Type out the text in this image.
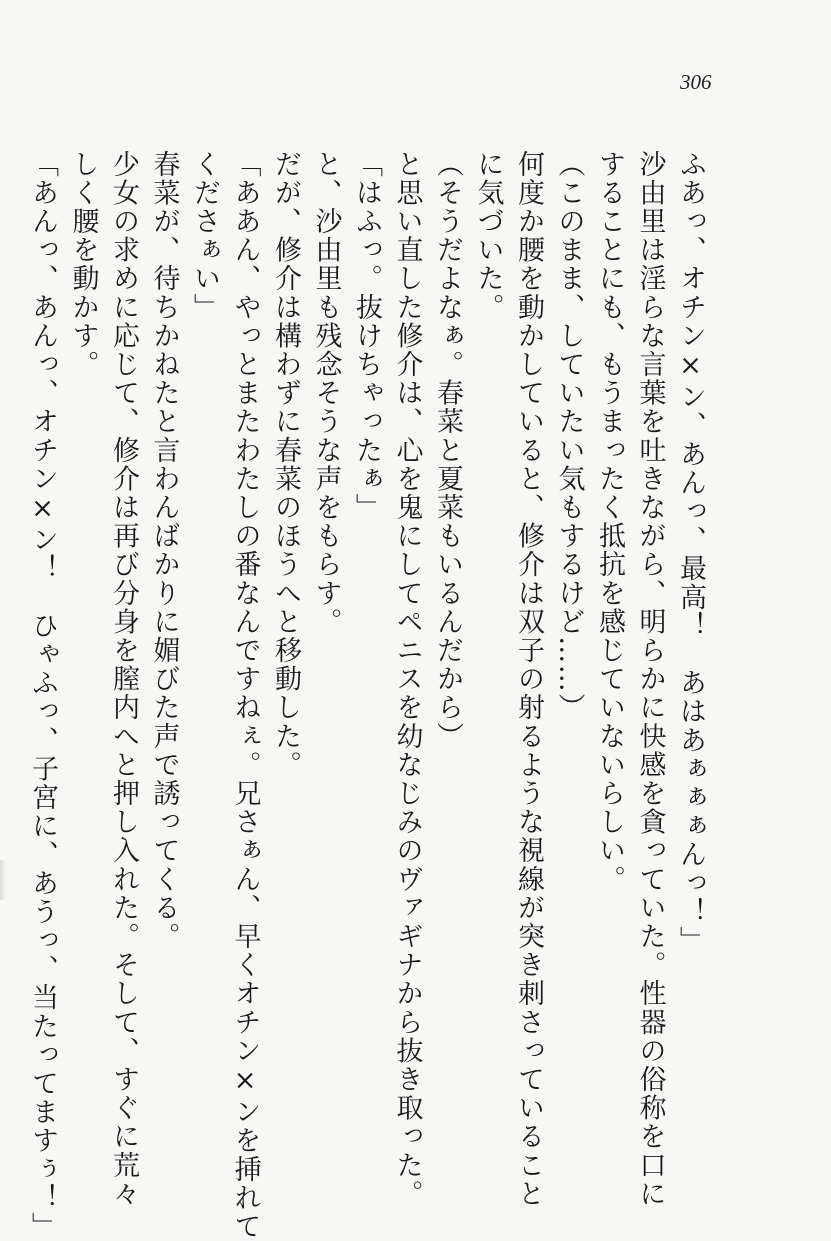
306
ふあっ、オチン×ン、あんっ、最高！　あはあぁぁぁんっ！」
沙由里は淫らな言葉を吐きながら、明らかに快感を貪っていた。性器の俗称を口に
することにも、もうまったく抵抗を感じていないらしい。
（このまま、していたい気もするけど……）
何度か腰を動かしていると、修介は双子の射るような視線が突き刺さっていること
に気づいた。
（そうだよなぁ。春菜と夏菜もいるんだから）
と思い直した修介は、心を鬼にしてペニスを幼なじみのヴァギナから抜き取った。
「はふっ。抜けちゃったぁ」
と、沙由里も残念そうな声をもらす。
だが、修介は構わずに春菜のほうへと移動した。
「ああん、やっとまたわたしの番なんですねぇ。兄さぁん、早くオチン×ンを挿れて
くださぁい」
春菜が、待ちかねたと言わんばかりに媚びた声で誘ってくる。
少女の求めに応じて、修介は再び分身を膣内へと押し入れた。そして、すぐに荒々
しく腰を動かす。
「あんっ、あんっ、オチン×ン！　ひゃふっ、子宮に、あうっ、当たってますぅ！」
